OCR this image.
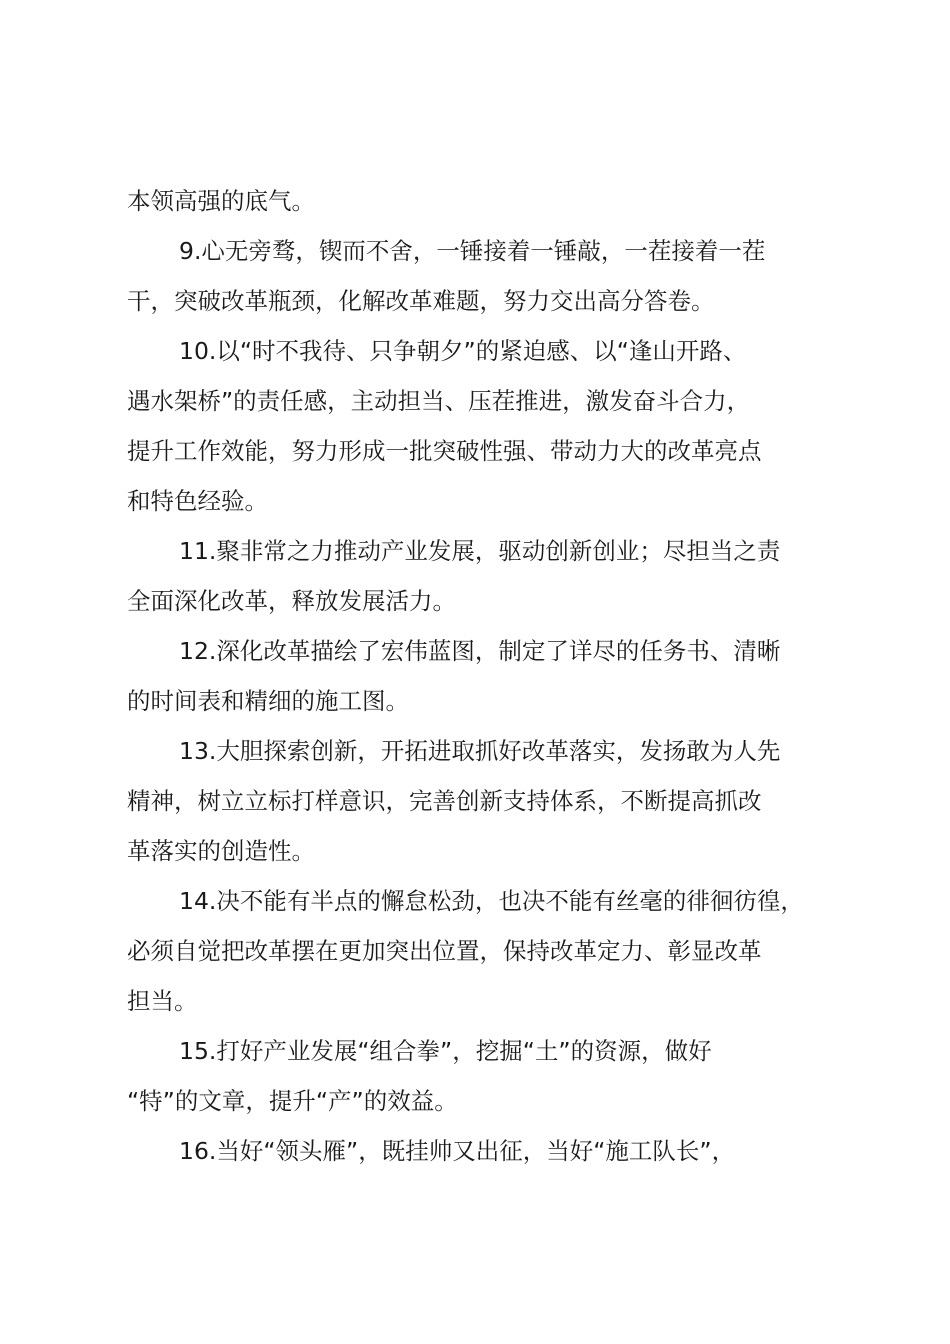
本领高强的底气。
9.心无旁骛，锲而不舍，一锤接着一锤敲，一茬接着一茬
干，突破改革瓶颈，化解改革难题，努力交出高分答卷。
10.以“时不我待、只争朝夕”的紧迫感、以“逢山开路、
遇水架桥”的责任感，主动担当、压茬推进，激发奋斗合力，
提升工作效能，努力形成一批突破性强、带动力大的改革亮点
和特色经验。
11.聚非常之力推动产业发展，驱动创新创业；尽担当之责
全面深化改革，释放发展活力。
12.深化改革描绘了宏伟蓝图，制定了详尽的任务书、清晰
的时间表和精细的施工图。
13.大胆探索创新，开拓进取抓好改革落实，发扬敢为人先
精神，树立立标打样意识，完善创新支持体系，不断提高抓改
革落实的创造性。
14.决不能有半点的懈怠松劲，也决不能有丝毫的徘徊彷徨，
必须自觉把改革摆在更加突出位置，保持改革定力、彰显改革
担当。
15.打好产业发展“组合拳”，挖掘“土”的资源，做好
“特”的文章，提升“产”的效益。
16.当好“领头雁”，既挂帅又出征，当好“施工队长”，
